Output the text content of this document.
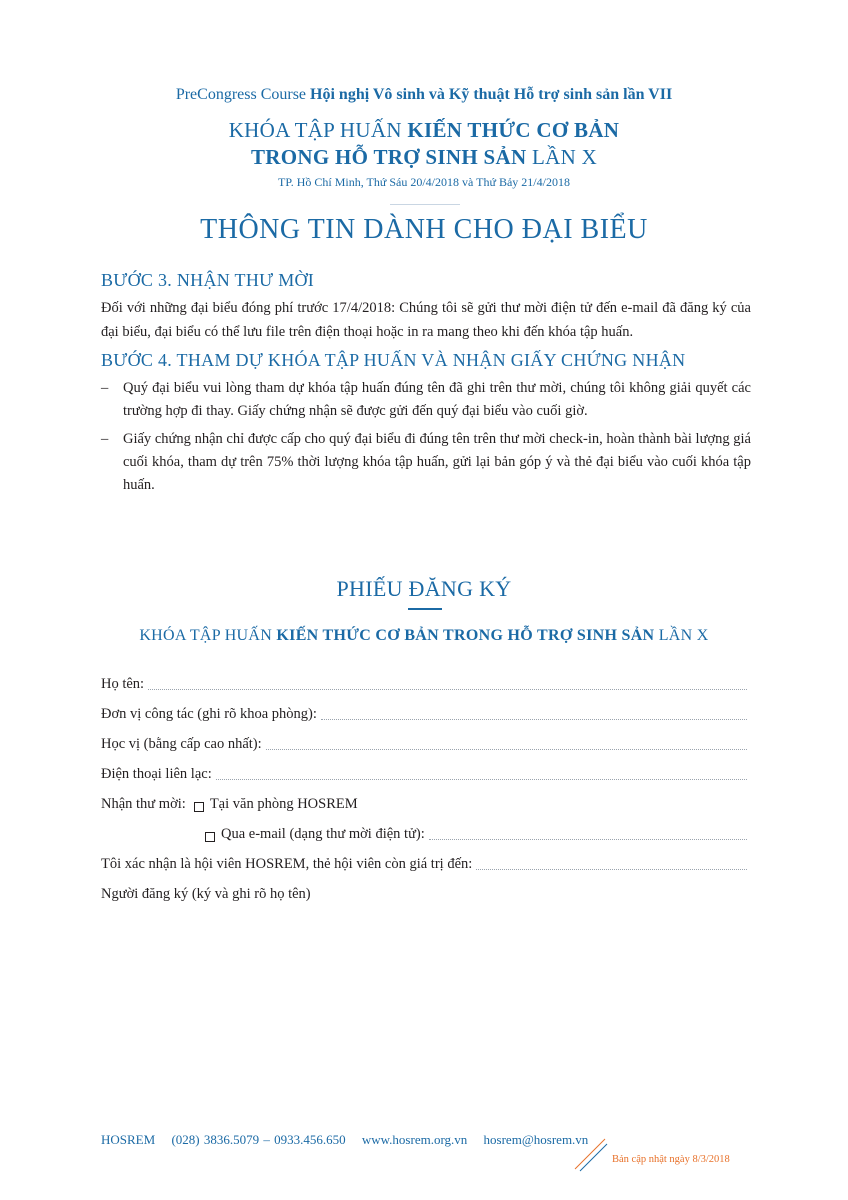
PreCongress Course Hội nghị Vô sinh và Kỹ thuật Hỗ trợ sinh sản lần VII
KHÓA TẬP HUẤN KIẾN THỨC CƠ BẢN
TRONG HỖ TRỢ SINH SẢN LẦN X
TP. Hồ Chí Minh, Thứ Sáu 20/4/2018 và Thứ Bảy 21/4/2018
THÔNG TIN DÀNH CHO ĐẠI BIỂU
BƯỚC 3. NHẬN THƯ MỜI
Đối với những đại biểu đóng phí trước 17/4/2018: Chúng tôi sẽ gửi thư mời điện tử đến e-mail đã đăng ký của đại biểu, đại biểu có thể lưu file trên điện thoại hoặc in ra mang theo khi đến khóa tập huấn.
BƯỚC 4. THAM DỰ KHÓA TẬP HUẤN VÀ NHẬN GIẤY CHỨNG NHẬN
– Quý đại biểu vui lòng tham dự khóa tập huấn đúng tên đã ghi trên thư mời, chúng tôi không giải quyết các trường hợp đi thay. Giấy chứng nhận sẽ được gửi đến quý đại biểu vào cuối giờ.
– Giấy chứng nhận chỉ được cấp cho quý đại biểu đi đúng tên trên thư mời check-in, hoàn thành bài lượng giá cuối khóa, tham dự trên 75% thời lượng khóa tập huấn, gửi lại bản góp ý và thẻ đại biểu vào cuối khóa tập huấn.
PHIẾU ĐĂNG KÝ
KHÓA TẬP HUẤN KIẾN THỨC CƠ BẢN TRONG HỖ TRỢ SINH SẢN LẦN X
Họ tên:
Đơn vị công tác (ghi rõ khoa phòng):
Học vị (bằng cấp cao nhất):
Điện thoại liên lạc:
Nhận thư mời: Tại văn phòng HOSREM
Qua e-mail (dạng thư mời điện tử):
Tôi xác nhận là hội viên HOSREM, thẻ hội viên còn giá trị đến:
Người đăng ký (ký và ghi rõ họ tên)
HOSREM (028) 3836.5079 – 0933.456.650 www.hosrem.org.vn hosrem@hosrem.vn
Bản cập nhật ngày 8/3/2018
